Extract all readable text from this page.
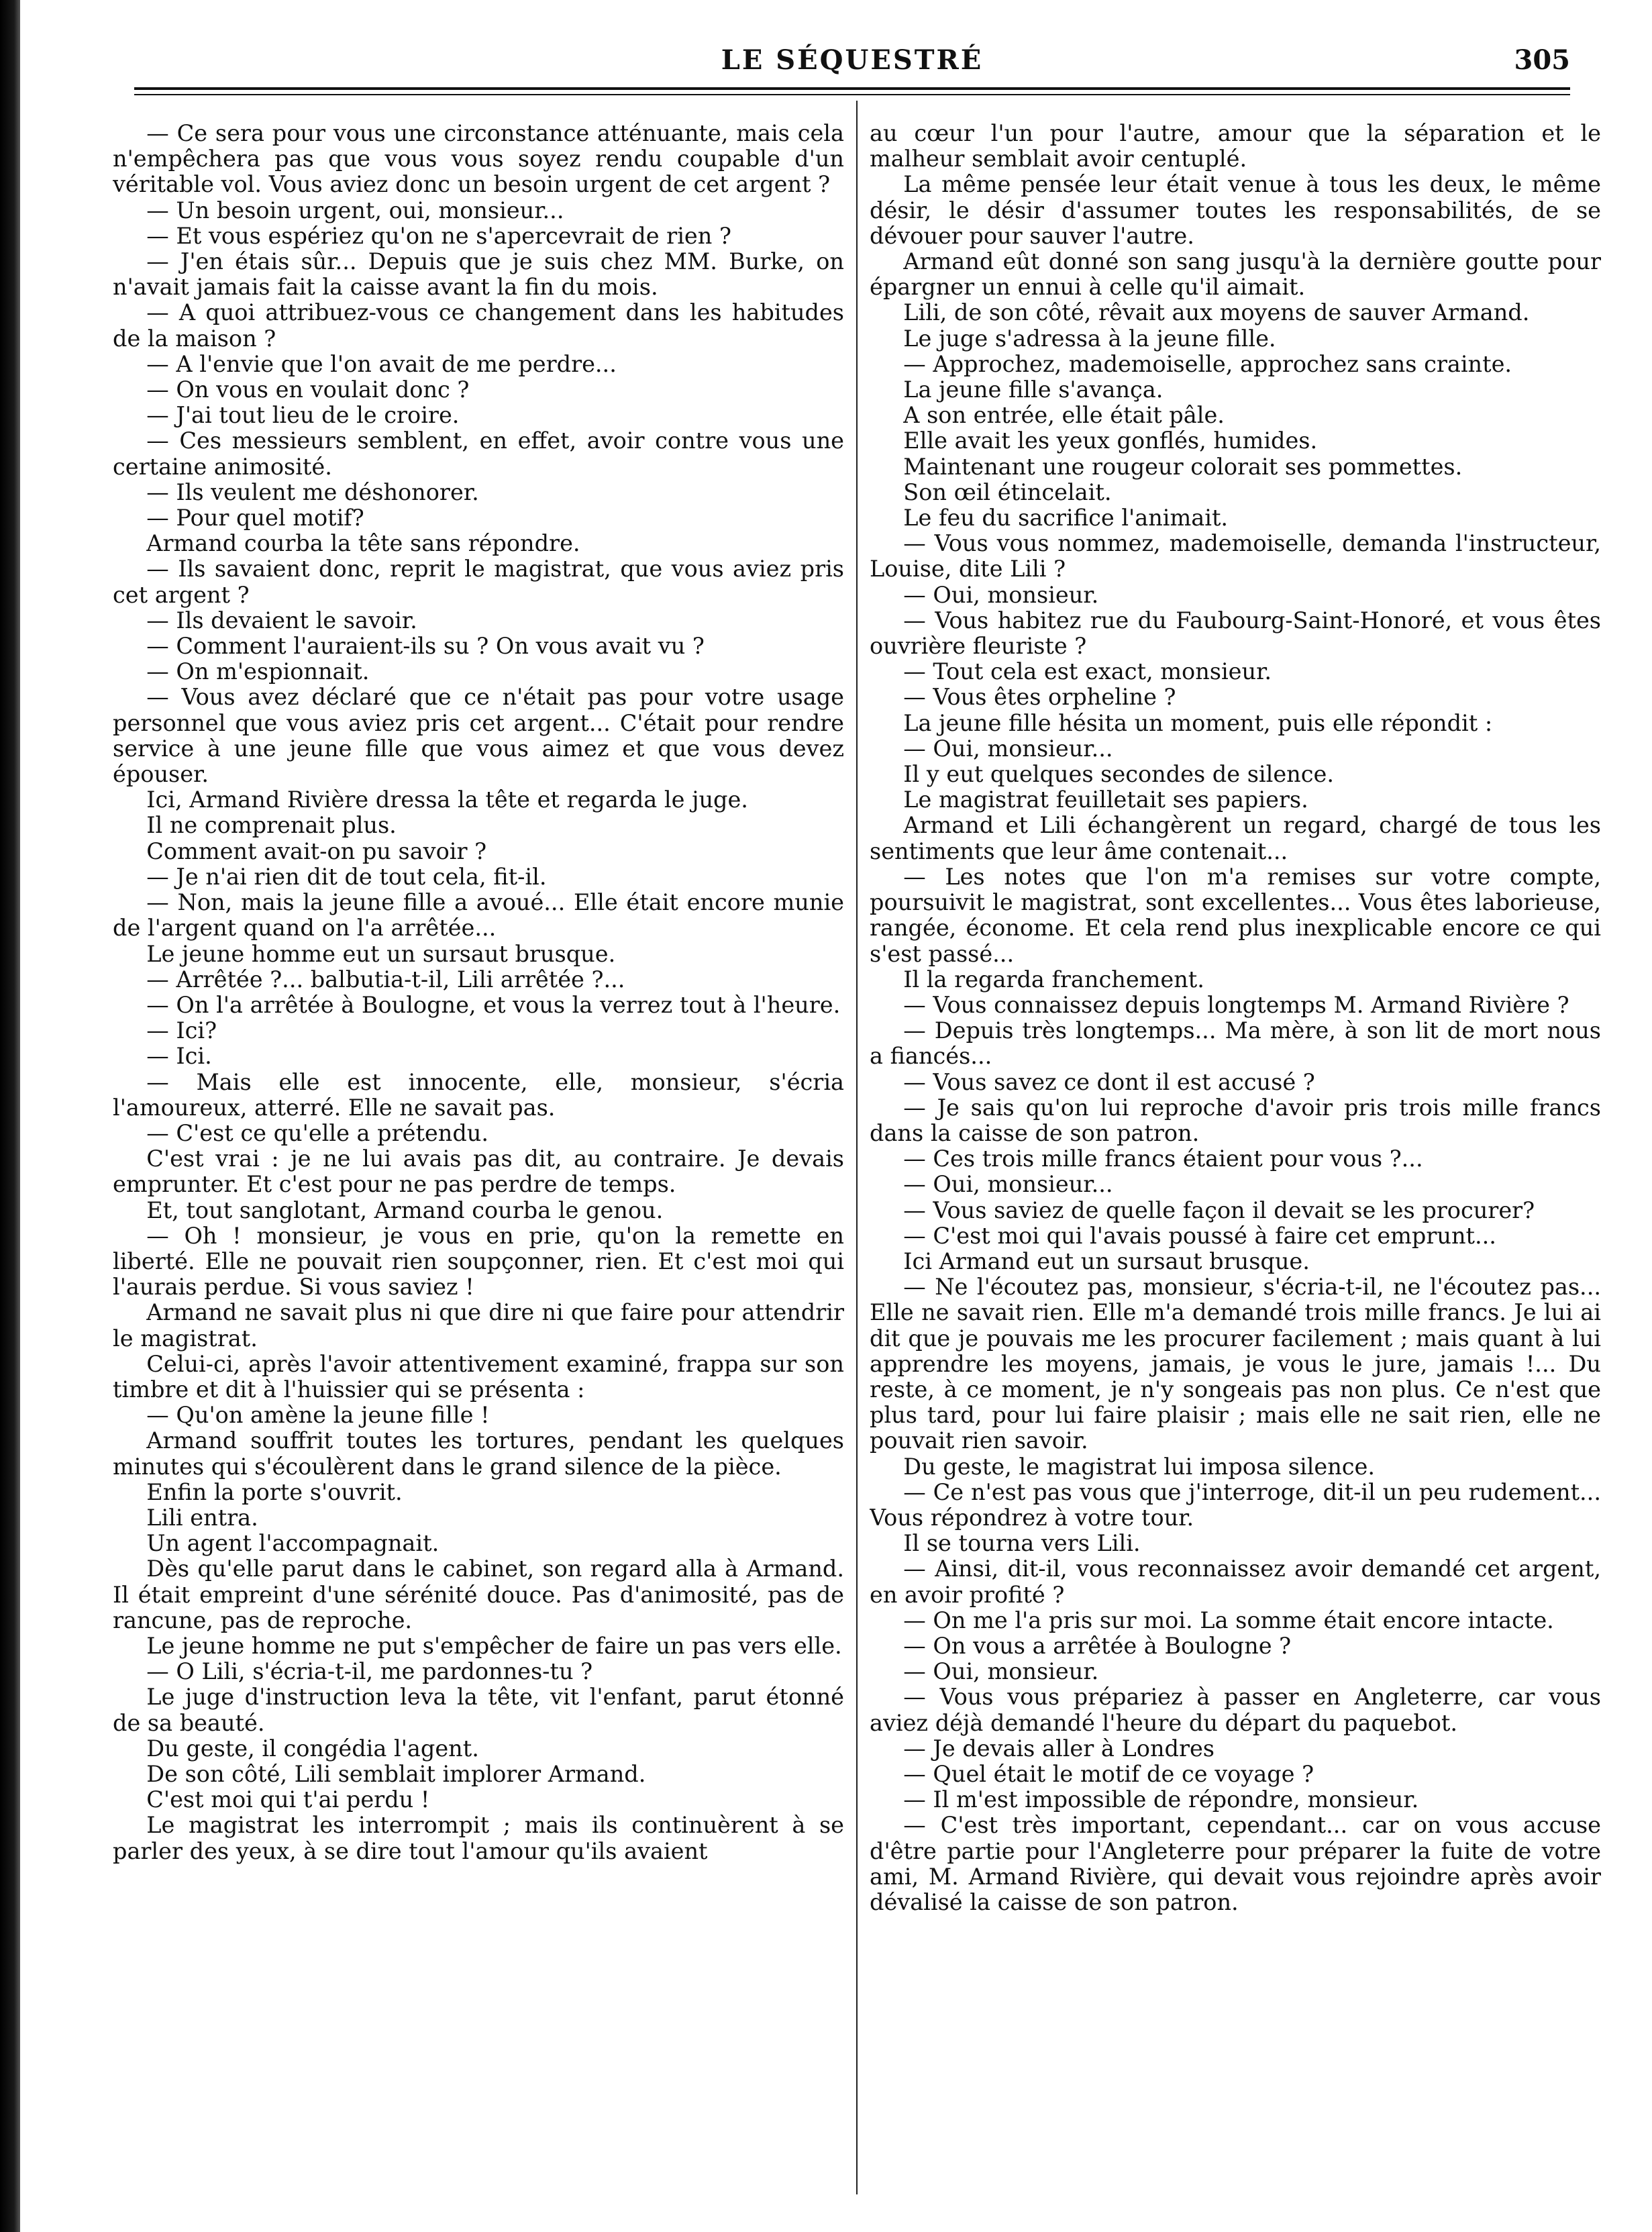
LE SÉQUESTRÉ	305

— Ce sera pour vous une circonstance atténuante, mais cela n'empêchera pas que vous vous soyez rendu coupable d'un véritable vol. Vous aviez donc un besoin urgent de cet argent ?

— Un besoin urgent, oui, monsieur...

— Et vous espériez qu'on ne s'apercevrait de rien ?

— J'en étais sûr... Depuis que je suis chez MM. Burke, on n'avait jamais fait la caisse avant la fin du mois.

— A quoi attribuez-vous ce changement dans les habitudes de la maison ?

— A l'envie que l'on avait de me perdre...

— On vous en voulait donc ?

— J'ai tout lieu de le croire.

— Ces messieurs semblent, en effet, avoir contre vous une certaine animosité.

— Ils veulent me déshonorer.

— Pour quel motif?

Armand courba la tête sans répondre.

— Ils savaient donc, reprit le magistrat, que vous aviez pris cet argent ?

— Ils devaient le savoir.

— Comment l'auraient-ils su ? On vous avait vu ?

— On m'espionnait.

— Vous avez déclaré que ce n'était pas pour votre usage personnel que vous aviez pris cet argent... C'était pour rendre service à une jeune fille que vous aimez et que vous devez épouser.

Ici, Armand Rivière dressa la tête et regarda le juge.

Il ne comprenait plus.

Comment avait-on pu savoir ?

— Je n'ai rien dit de tout cela, fit-il.

— Non, mais la jeune fille a avoué... Elle était encore munie de l'argent quand on l'a arrêtée...

Le jeune homme eut un sursaut brusque.

— Arrêtée ?... balbutia-t-il, Lili arrêtée ?...

— On l'a arrêtée à Boulogne, et vous la verrez tout à l'heure.

— Ici?

— Ici.

— Mais elle est innocente, elle, monsieur, s'écria l'amoureux, atterré. Elle ne savait pas.

— C'est ce qu'elle a prétendu.

C'est vrai : je ne lui avais pas dit, au contraire. Je devais emprunter. Et c'est pour ne pas perdre de temps.

Et, tout sanglotant, Armand courba le genou.

— Oh ! monsieur, je vous en prie, qu'on la remette en liberté. Elle ne pouvait rien soupçonner, rien. Et c'est moi qui l'aurais perdue. Si vous saviez !

Armand ne savait plus ni que dire ni que faire pour attendrir le magistrat.

Celui-ci, après l'avoir attentivement examiné, frappa sur son timbre et dit à l'huissier qui se présenta :

— Qu'on amène la jeune fille !

Armand souffrit toutes les tortures, pendant les quelques minutes qui s'écoulèrent dans le grand silence de la pièce.

Enfin la porte s'ouvrit.

Lili entra.

Un agent l'accompagnait.

Dès qu'elle parut dans le cabinet, son regard alla à Armand. Il était empreint d'une sérénité douce. Pas d'animosité, pas de rancune, pas de reproche.

Le jeune homme ne put s'empêcher de faire un pas vers elle.

— O Lili, s'écria-t-il, me pardonnes-tu ?

Le juge d'instruction leva la tête, vit l'enfant, parut étonné de sa beauté.

Du geste, il congédia l'agent.

De son côté, Lili semblait implorer Armand.

C'est moi qui t'ai perdu !

Le magistrat les interrompit ; mais ils continuèrent à se parler des yeux, à se dire tout l'amour qu'ils avaient

au cœur l'un pour l'autre, amour que la séparation et le malheur semblait avoir centuplé.

La même pensée leur était venue à tous les deux, le même désir, le désir d'assumer toutes les responsabilités, de se dévouer pour sauver l'autre.

Armand eût donné son sang jusqu'à la dernière goutte pour épargner un ennui à celle qu'il aimait.

Lili, de son côté, rêvait aux moyens de sauver Armand.

Le juge s'adressa à la jeune fille.

— Approchez, mademoiselle, approchez sans crainte.

La jeune fille s'avança.

A son entrée, elle était pâle.

Elle avait les yeux gonflés, humides.

Maintenant une rougeur colorait ses pommettes.

Son œil étincelait.

Le feu du sacrifice l'animait.

— Vous vous nommez, mademoiselle, demanda l'instructeur, Louise, dite Lili ?

— Oui, monsieur.

— Vous habitez rue du Faubourg-Saint-Honoré, et vous êtes ouvrière fleuriste ?

— Tout cela est exact, monsieur.

— Vous êtes orpheline ?

La jeune fille hésita un moment, puis elle répondit :

— Oui, monsieur...

Il y eut quelques secondes de silence.

Le magistrat feuilletait ses papiers.

Armand et Lili échangèrent un regard, chargé de tous les sentiments que leur âme contenait...

— Les notes que l'on m'a remises sur votre compte, poursuivit le magistrat, sont excellentes... Vous êtes laborieuse, rangée, économe. Et cela rend plus inexplicable encore ce qui s'est passé...

Il la regarda franchement.

— Vous connaissez depuis longtemps M. Armand Rivière ?

— Depuis très longtemps... Ma mère, à son lit de mort nous a fiancés...

— Vous savez ce dont il est accusé ?

— Je sais qu'on lui reproche d'avoir pris trois mille francs dans la caisse de son patron.

— Ces trois mille francs étaient pour vous ?...

— Oui, monsieur...

— Vous saviez de quelle façon il devait se les procurer?

— C'est moi qui l'avais poussé à faire cet emprunt...

Ici Armand eut un sursaut brusque.

— Ne l'écoutez pas, monsieur, s'écria-t-il, ne l'écoutez pas... Elle ne savait rien. Elle m'a demandé trois mille francs. Je lui ai dit que je pouvais me les procurer facilement ; mais quant à lui apprendre les moyens, jamais, je vous le jure, jamais !... Du reste, à ce moment, je n'y songeais pas non plus. Ce n'est que plus tard, pour lui faire plaisir ; mais elle ne sait rien, elle ne pouvait rien savoir.

Du geste, le magistrat lui imposa silence.

— Ce n'est pas vous que j'interroge, dit-il un peu rudement... Vous répondrez à votre tour.

Il se tourna vers Lili.

— Ainsi, dit-il, vous reconnaissez avoir demandé cet argent, en avoir profité ?

— On me l'a pris sur moi. La somme était encore intacte.

— On vous a arrêtée à Boulogne ?

— Oui, monsieur.

— Vous vous prépariez à passer en Angleterre, car vous aviez déjà demandé l'heure du départ du paquebot.

— Je devais aller à Londres

— Quel était le motif de ce voyage ?

— Il m'est impossible de répondre, monsieur.

— C'est très important, cependant... car on vous accuse d'être partie pour l'Angleterre pour préparer la fuite de votre ami, M. Armand Rivière, qui devait vous rejoindre après avoir dévalisé la caisse de son patron.
